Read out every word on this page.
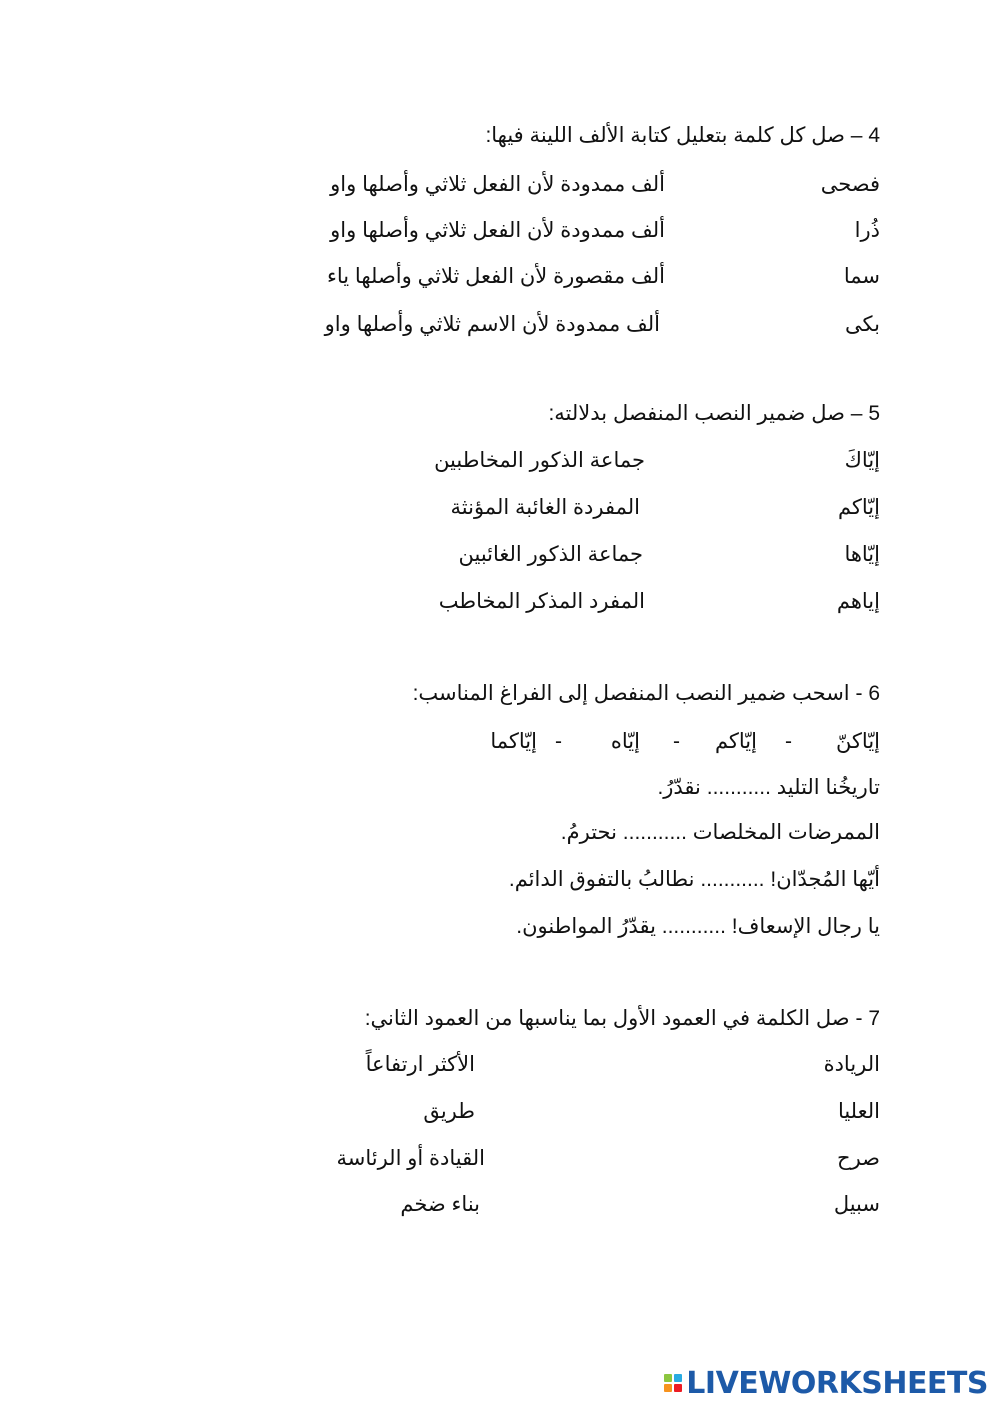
4 – صل كل كلمة بتعليل كتابة الألف اللينة فيها:
فصحى
ألف ممدودة لأن الفعل ثلاثي وأصلها واو
ذُرا
ألف ممدودة لأن الفعل ثلاثي وأصلها واو
سما
ألف مقصورة لأن الفعل ثلاثي وأصلها ياء
بكى
ألف ممدودة لأن الاسم ثلاثي وأصلها واو
5 – صل ضمير النصب المنفصل بدلالته:
إيّاكَ
جماعة الذكور المخاطبين
إيّاكم
المفردة الغائبة المؤنثة
إيّاها
جماعة الذكور الغائبين
إياهم
المفرد المذكر المخاطب
6 - اسحب ضمير النصب المنفصل إلى الفراغ المناسب:
إيّاكنّ
-
إيّاكم
-
إيّاه
-
إيّاكما
تاريخُنا التليد ........... نقدّرُ.
الممرضات المخلصات ........... نحترمُ.
أيّها المُجدّان! ........... نطالبُ بالتفوق الدائم.
يا رجال الإسعاف! ........... يقدّرُ المواطنون.
7 - صل الكلمة في العمود الأول بما يناسبها من العمود الثاني:
الريادة
الأكثر ارتفاعاً
العليا
طريق
صرح
القيادة أو الرئاسة
سبيل
بناء ضخم
LIVEWORKSHEETS
